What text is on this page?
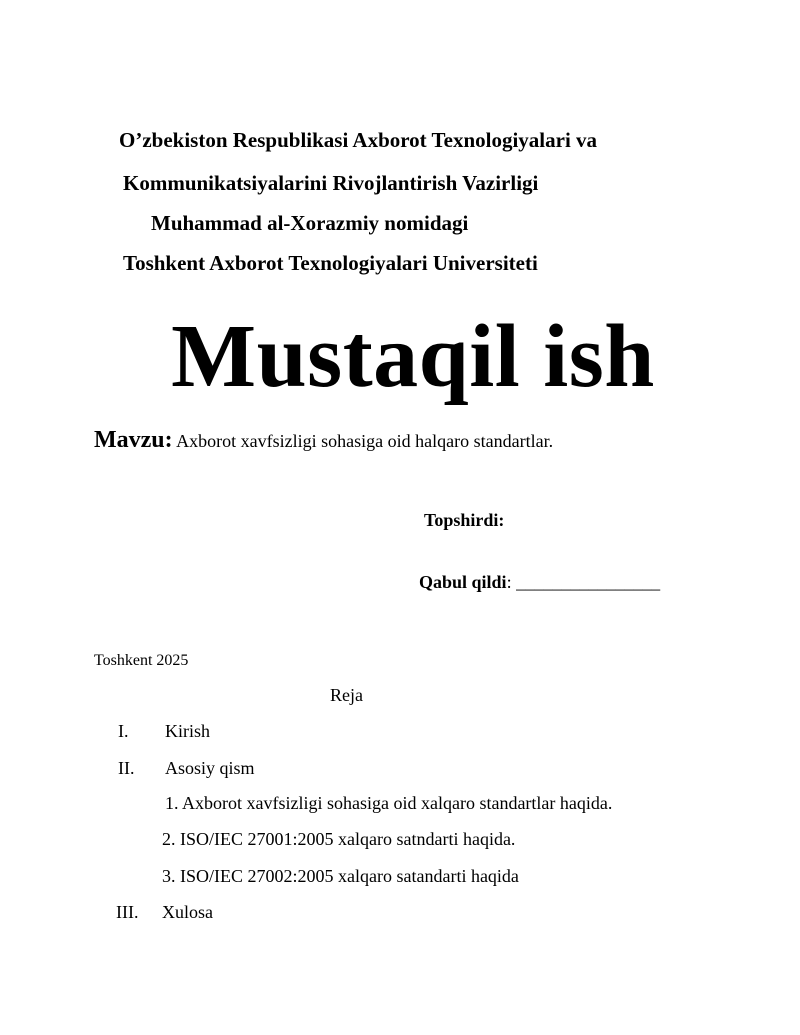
O’zbekiston Respublikasi Axborot Texnologiyalari va
Kommunikatsiyalarini Rivojlantirish Vazirligi
Muhammad al-Xorazmiy nomidagi
Toshkent Axborot Texnologiyalari Universiteti
Mustaqil ish
Mavzu: Axborot xavfsizligi sohasiga oid halqaro standartlar.
Topshirdi:
Qabul qildi: ________________
Toshkent 2025
Reja
I. Kirish
II. Asosiy qism
1. Axborot xavfsizligi sohasiga oid xalqaro standartlar haqida.
2. ISO/IEC 27001:2005 xalqaro satndarti haqida.
3. ISO/IEC 27002:2005 xalqaro satandarti haqida
III. Xulosa
